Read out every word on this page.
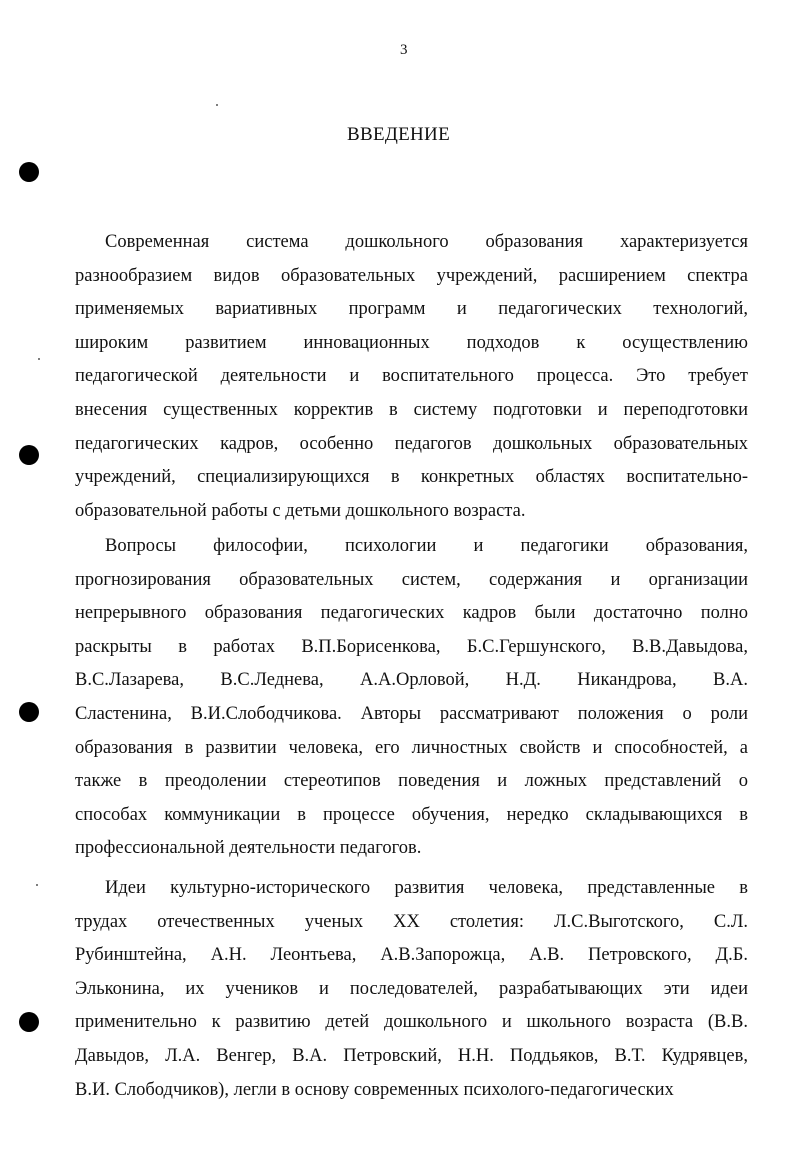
3
ВВЕДЕНИЕ
Современная система дошкольного образования характеризуется
разнообразием видов образовательных учреждений, расширением спектра
применяемых вариативных программ и педагогических технологий,
широким развитием инновационных подходов к осуществлению
педагогической деятельности и воспитательного процесса. Это требует
внесения существенных корректив в систему подготовки и переподготовки
педагогических кадров, особенно педагогов дошкольных образовательных
учреждений, специализирующихся в конкретных областях воспитательно-
образовательной работы с детьми дошкольного возраста.
Вопросы философии, психологии и педагогики образования,
прогнозирования образовательных систем, содержания и организации
непрерывного образования педагогических кадров были достаточно полно
раскрыты в работах В.П.Борисенкова, Б.С.Гершунского, В.В.Давыдова,
В.С.Лазарева, В.С.Леднева, А.А.Орловой, Н.Д. Никандрова, В.А.
Сластенина, В.И.Слободчикова. Авторы рассматривают положения о роли
образования в развитии человека, его личностных свойств и способностей, а
также в преодолении стереотипов поведения и ложных представлений о
способах коммуникации в процессе обучения, нередко складывающихся в
профессиональной деятельности педагогов.
Идеи культурно-исторического развития человека, представленные в
трудах отечественных ученых XX столетия: Л.С.Выготского, С.Л.
Рубинштейна, А.Н. Леонтьева, А.В.Запорожца, А.В. Петровского, Д.Б.
Эльконина, их учеников и последователей, разрабатывающих эти идеи
применительно к развитию детей дошкольного и школьного возраста (В.В.
Давыдов, Л.А. Венгер, В.А. Петровский, Н.Н. Поддьяков, В.Т. Кудрявцев,
В.И. Слободчиков), легли в основу современных психолого-педагогических
